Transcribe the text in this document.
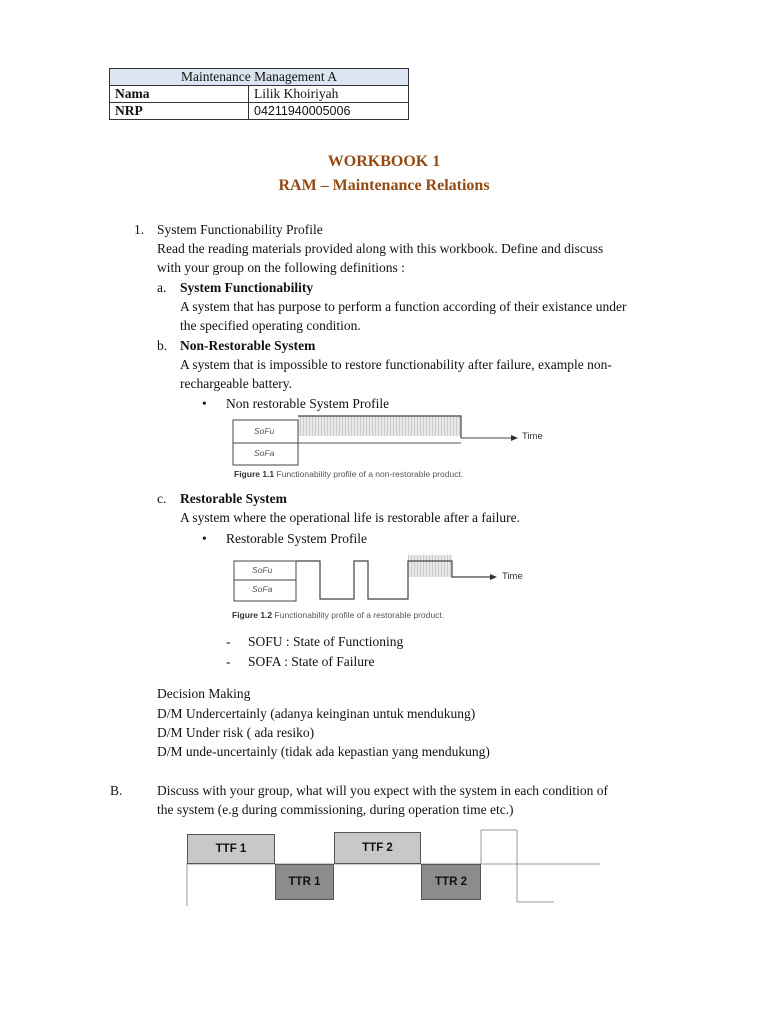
Maintenance Management A	
Nama	Lilik Khoiriyah
NRP	04211940005006
WORKBOOK 1
RAM – Maintenance Relations
1. System Functionability Profile
Read the reading materials provided along with this workbook. Define and discuss
with your group on the following definitions :
a. System Functionability
A system that has purpose to perform a function according of their existance under
the specified operating condition.
b. Non-Restorable System
A system that is impossible to restore functionability after failure, example non-
rechargeable battery.
• Non restorable System Profile
SoFu
SoFa
Time
Figure 1.1 Functionability profile of a non-restorable product.
c. Restorable System
A system where the operational life is restorable after a failure.
• Restorable System Profile
SoFu
SoFa
Time
Figure 1.2 Functionability profile of a restorable product.
- SOFU : State of Functioning
- SOFA : State of Failure
Decision Making
D/M Undercertainly (adanya keinginan untuk mendukung)
D/M Under risk ( ada resiko)
D/M unde-uncertainly (tidak ada kepastian yang mendukung)
B.	Discuss with your group, what will you expect with the system in each condition of
the system (e.g during commissioning, during operation time etc.)
TTF 1
TTR 1
TTF 2
TTR 2
